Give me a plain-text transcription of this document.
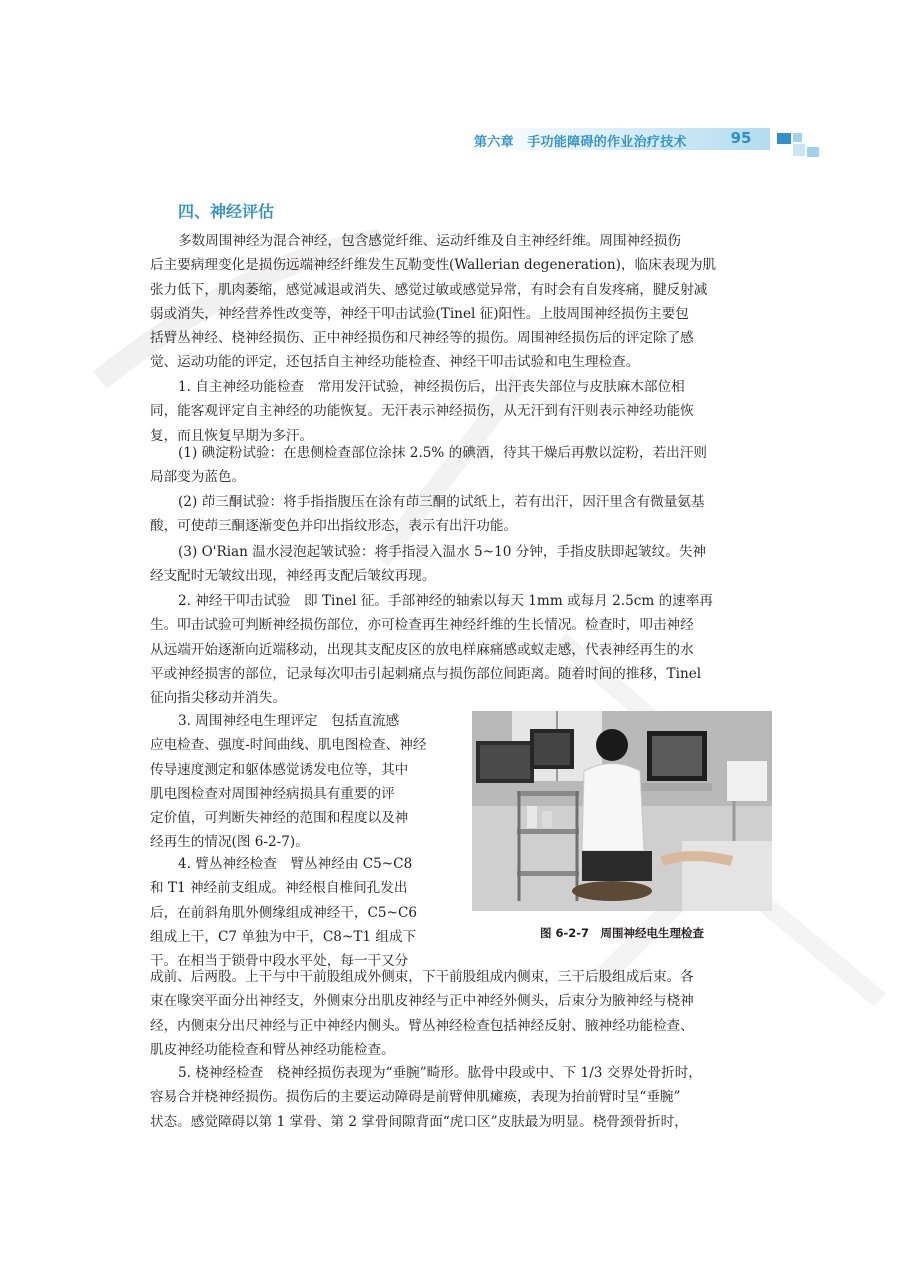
第六章　手功能障碍的作业治疗技术	95
四、神经评估
多数周围神经为混合神经，包含感觉纤维、运动纤维及自主神经纤维。周围神经损伤
后主要病理变化是损伤远端神经纤维发生瓦勒变性(Wallerian degeneration)，临床表现为肌
张力低下，肌肉萎缩，感觉减退或消失、感觉过敏或感觉异常，有时会有自发疼痛，腱反射减
弱或消失，神经营养性改变等，神经干叩击试验(Tinel 征)阳性。上肢周围神经损伤主要包
括臂丛神经、桡神经损伤、正中神经损伤和尺神经等的损伤。周围神经损伤后的评定除了感
觉、运动功能的评定，还包括自主神经功能检查、神经干叩击试验和电生理检查。
1. 自主神经功能检查　常用发汗试验，神经损伤后，出汗丧失部位与皮肤麻木部位相
同，能客观评定自主神经的功能恢复。无汗表示神经损伤，从无汗到有汗则表示神经功能恢
复，而且恢复早期为多汗。
(1) 碘淀粉试验：在患侧检查部位涂抹 2.5% 的碘酒，待其干燥后再敷以淀粉，若出汗则
局部变为蓝色。
(2) 茚三酮试验：将手指指腹压在涂有茚三酮的试纸上，若有出汗，因汗里含有微量氨基
酸，可使茚三酮逐渐变色并印出指纹形态，表示有出汗功能。
(3) O'Rian 温水浸泡起皱试验：将手指浸入温水 5~10 分钟，手指皮肤即起皱纹。失神
经支配时无皱纹出现，神经再支配后皱纹再现。
2. 神经干叩击试验　即 Tinel 征。手部神经的轴索以每天 1mm 或每月 2.5cm 的速率再
生。叩击试验可判断神经损伤部位，亦可检查再生神经纤维的生长情况。检查时，叩击神经
从远端开始逐渐向近端移动，出现其支配皮区的放电样麻痛感或蚁走感，代表神经再生的水
平或神经损害的部位，记录每次叩击引起刺痛点与损伤部位间距离。随着时间的推移，Tinel
征向指尖移动并消失。
3. 周围神经电生理评定　包括直流感
应电检查、强度-时间曲线、肌电图检查、神经
传导速度测定和躯体感觉诱发电位等，其中
肌电图检查对周围神经病损具有重要的评
定价值，可判断失神经的范围和程度以及神
经再生的情况(图 6-2-7)。
4. 臂丛神经检查　臂丛神经由 C5~C8
和 T1 神经前支组成。神经根自椎间孔发出
后，在前斜角肌外侧缘组成神经干，C5~C6
组成上干，C7 单独为中干，C8~T1 组成下
干。在相当于锁骨中段水平处，每一干又分
成前、后两股。上干与中干前股组成外侧束，下干前股组成内侧束，三干后股组成后束。各
束在喙突平面分出神经支，外侧束分出肌皮神经与正中神经外侧头，后束分为腋神经与桡神
经，内侧束分出尺神经与正中神经内侧头。臂丛神经检查包括神经反射、腋神经功能检查、
肌皮神经功能检查和臂丛神经功能检查。
5. 桡神经检查　桡神经损伤表现为“垂腕”畸形。肱骨中段或中、下 1/3 交界处骨折时，
容易合并桡神经损伤。损伤后的主要运动障碍是前臂伸肌瘫痪，表现为抬前臂时呈“垂腕”
状态。感觉障碍以第 1 掌骨、第 2 掌骨间隙背面“虎口区”皮肤最为明显。桡骨颈骨折时，
图 6-2-7　周围神经电生理检查
